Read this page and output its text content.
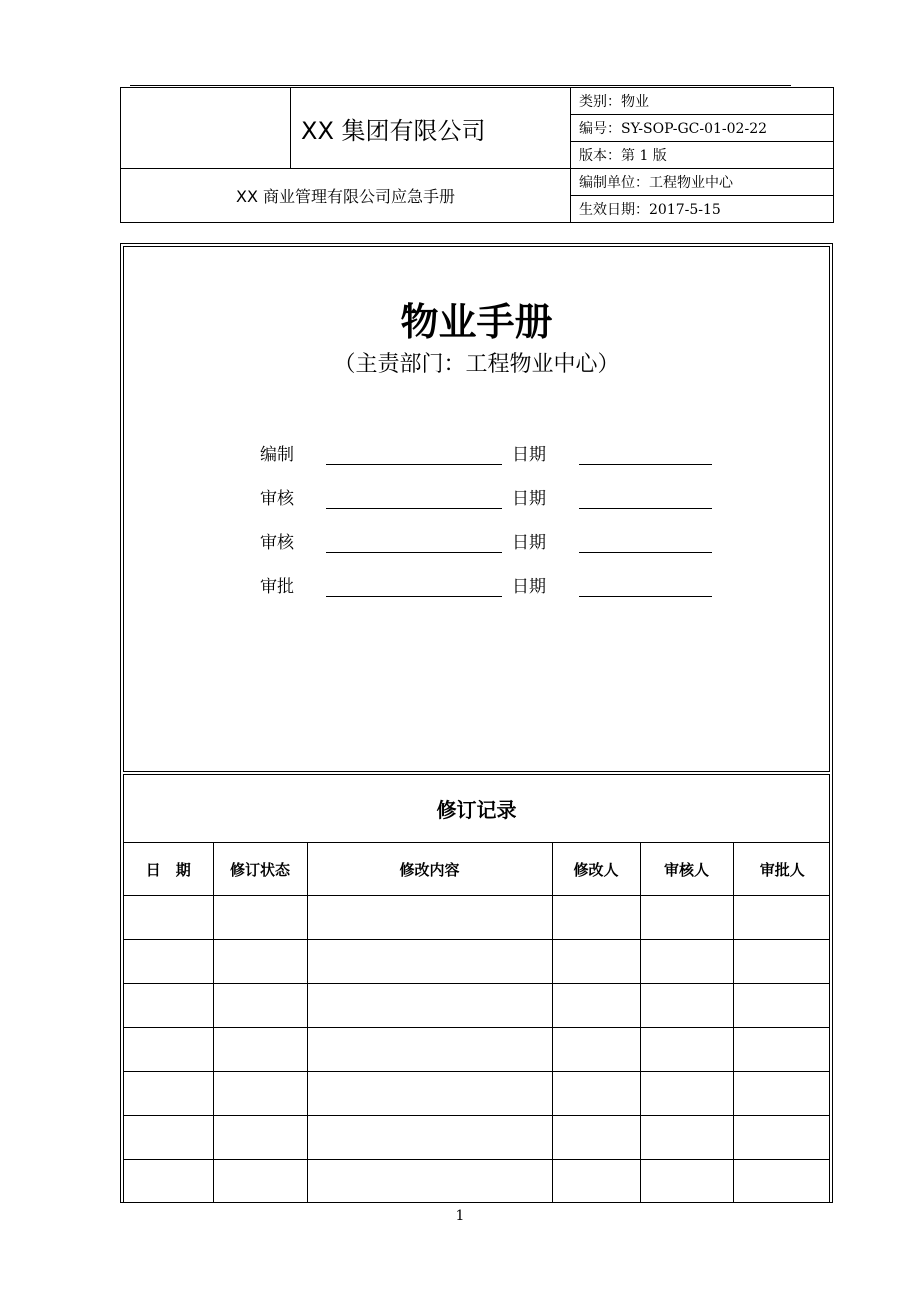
	XX 集团有限公司	类别：物业
		编号：SY-SOP-GC-01-02-22
		版本：第 1 版
XX 商业管理有限公司应急手册		编制单位：工程物业中心
		生效日期：2017-5-15
物业手册
（主责部门：工程物业中心）
编制	日期
审核	日期
审核	日期
审批	日期
修订记录
日　期	修订状态	修改内容	修改人	审核人	审批人

1
